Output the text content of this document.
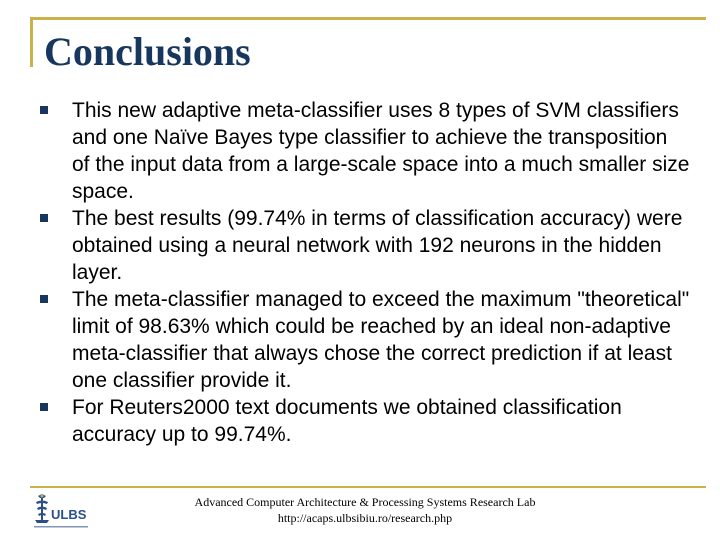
Conclusions
This new adaptive meta-classifier uses 8 types of SVM classifiers and one Naïve Bayes type classifier to achieve the transposition of the input data from a large-scale space into a much smaller size space.
The best results (99.74% in terms of classification accuracy) were obtained using a neural network with 192 neurons in the hidden layer.
The meta-classifier managed to exceed the maximum "theoretical" limit of 98.63% which could be reached by an ideal non-adaptive meta-classifier that always chose the correct prediction if at least one classifier provide it.
For Reuters2000 text documents we obtained classification accuracy up to 99.74%.
ULBS
Advanced Computer Architecture & Processing Systems Research Lab
http://acaps.ulbsibiu.ro/research.php
